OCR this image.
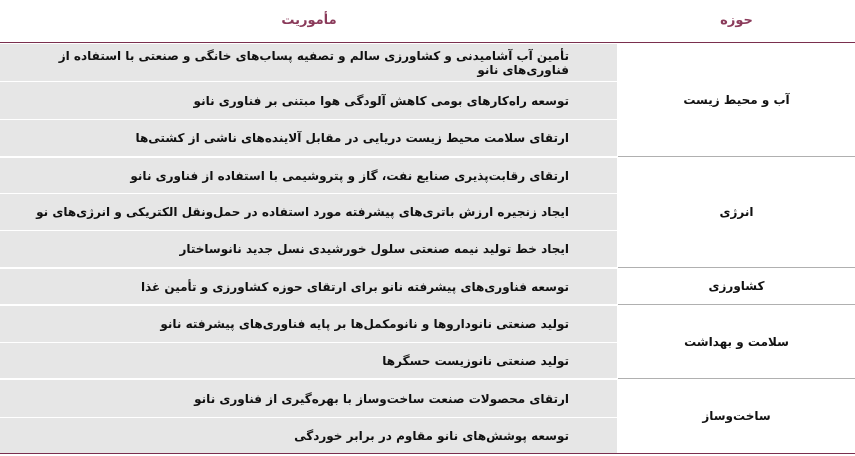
حوزه
مأموریت
آب و محیط زیست
تأمین آب آشامیدنی و کشاورزی سالم و تصفیه پساب‌های خانگی و صنعتی با استفاده از فناوری‌های نانو
توسعه راه‌کارهای بومی کاهش آلودگی هوا مبتنی بر فناوری نانو
ارتقای سلامت محیط زیست دریایی در مقابل آلاینده‌های ناشی از کشتی‌ها
انرژی
ارتقای رقابت‌پذیری صنایع نفت، گاز و پتروشیمی با استفاده از فناوری نانو
ایجاد زنجیره ارزش باتری‌های پیشرفته مورد استفاده در حمل‌ونقل الکتریکی و انرژی‌های نو
ایجاد خط تولید نیمه صنعتی سلول خورشیدی نسل جدید نانوساختار
کشاورزی
توسعه فناوری‌های پیشرفته نانو برای ارتقای حوزه کشاورزی و تأمین غذا
سلامت و بهداشت
تولید صنعتی نانوداروها و نانومکمل‌ها بر پایه فناوری‌های پیشرفته نانو
تولید صنعتی نانوزیست حسگرها
ساخت‌وساز
ارتقای محصولات صنعت ساخت‌وساز با بهره‌گیری از فناوری نانو
توسعه پوشش‌های نانو مقاوم در برابر خوردگی
